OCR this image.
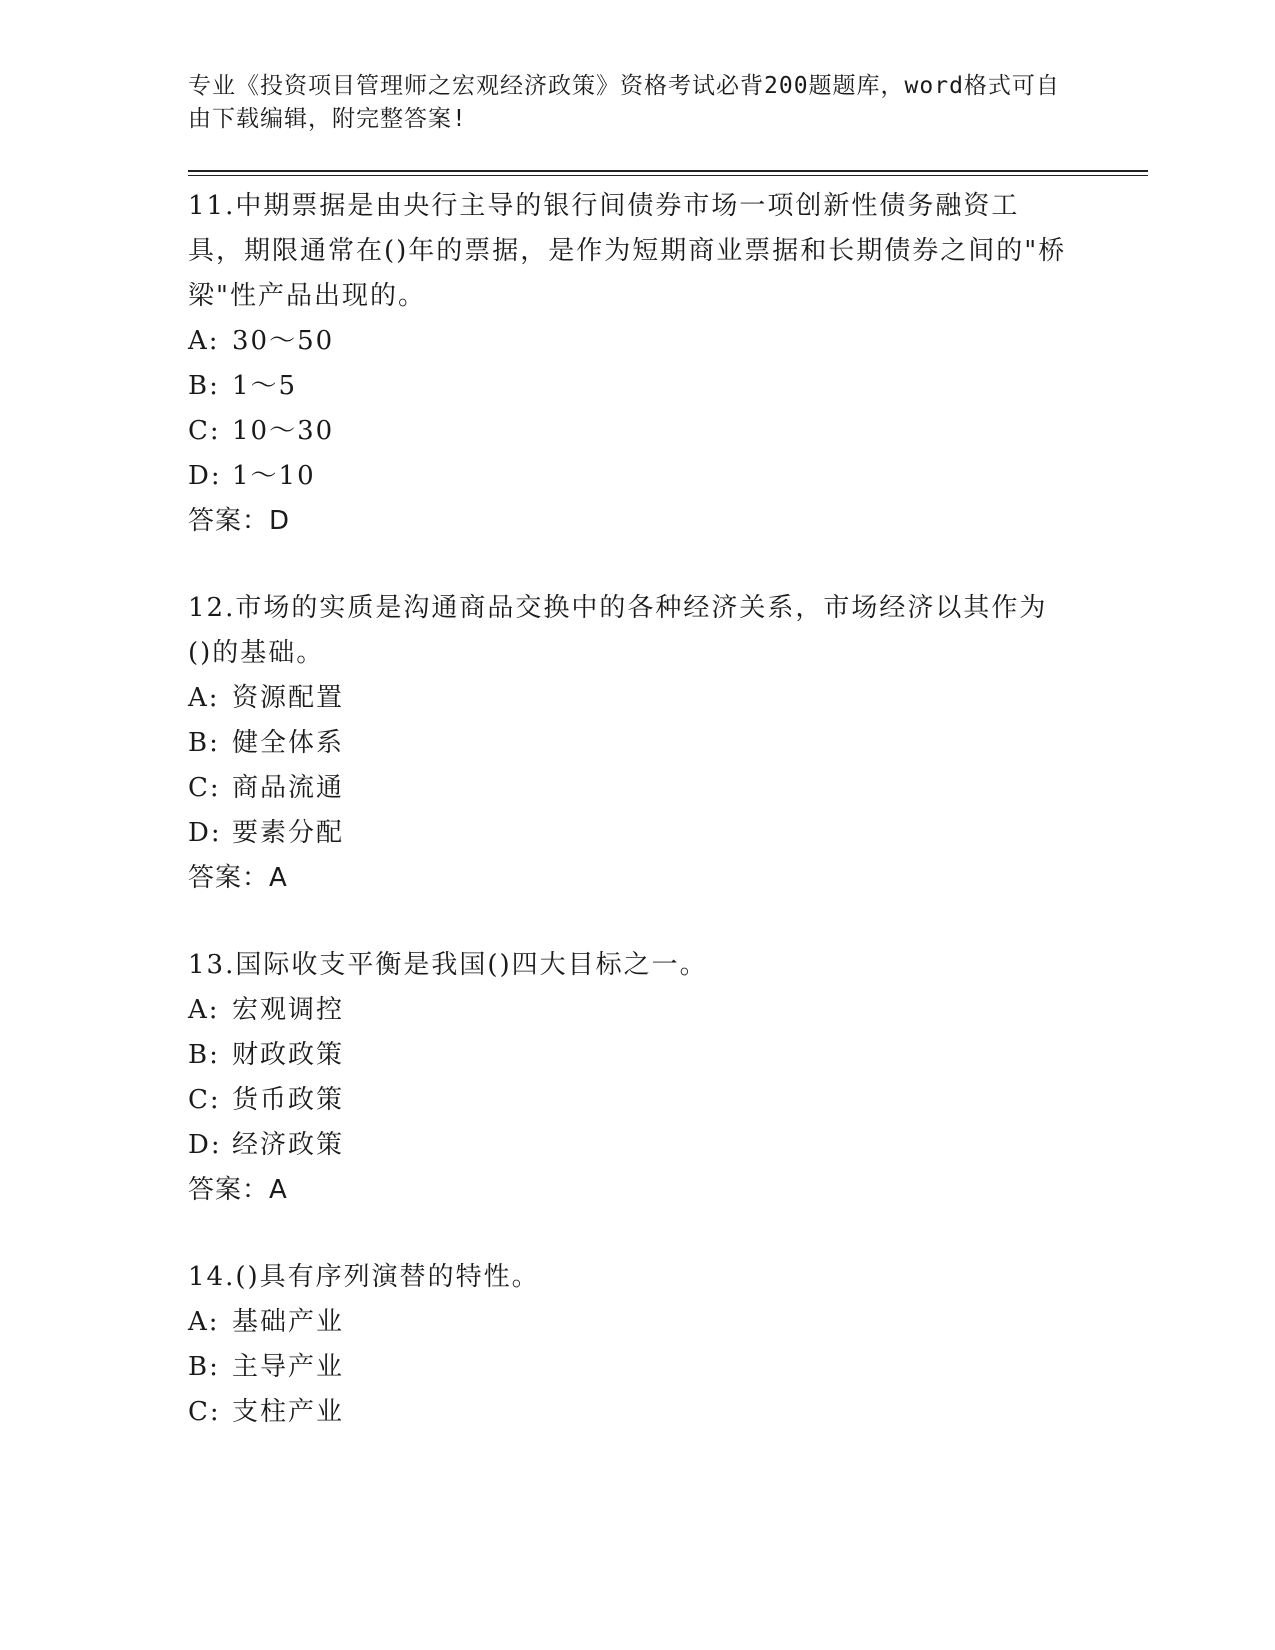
专业《投资项目管理师之宏观经济政策》资格考试必背200题题库，word格式可自由下载编辑，附完整答案!

11.中期票据是由央行主导的银行间债券市场一项创新性债务融资工具，期限通常在()年的票据，是作为短期商业票据和长期债券之间的"桥梁"性产品出现的。

A: 30～50
B: 1～5
C: 10～30
D: 1～10
答案：D

12.市场的实质是沟通商品交换中的各种经济关系，市场经济以其作为()的基础。

A: 资源配置
B: 健全体系
C: 商品流通
D: 要素分配
答案：A

13.国际收支平衡是我国()四大目标之一。

A: 宏观调控
B: 财政政策
C: 货币政策
D: 经济政策
答案：A

14.()具有序列演替的特性。

A: 基础产业
B: 主导产业
C: 支柱产业
